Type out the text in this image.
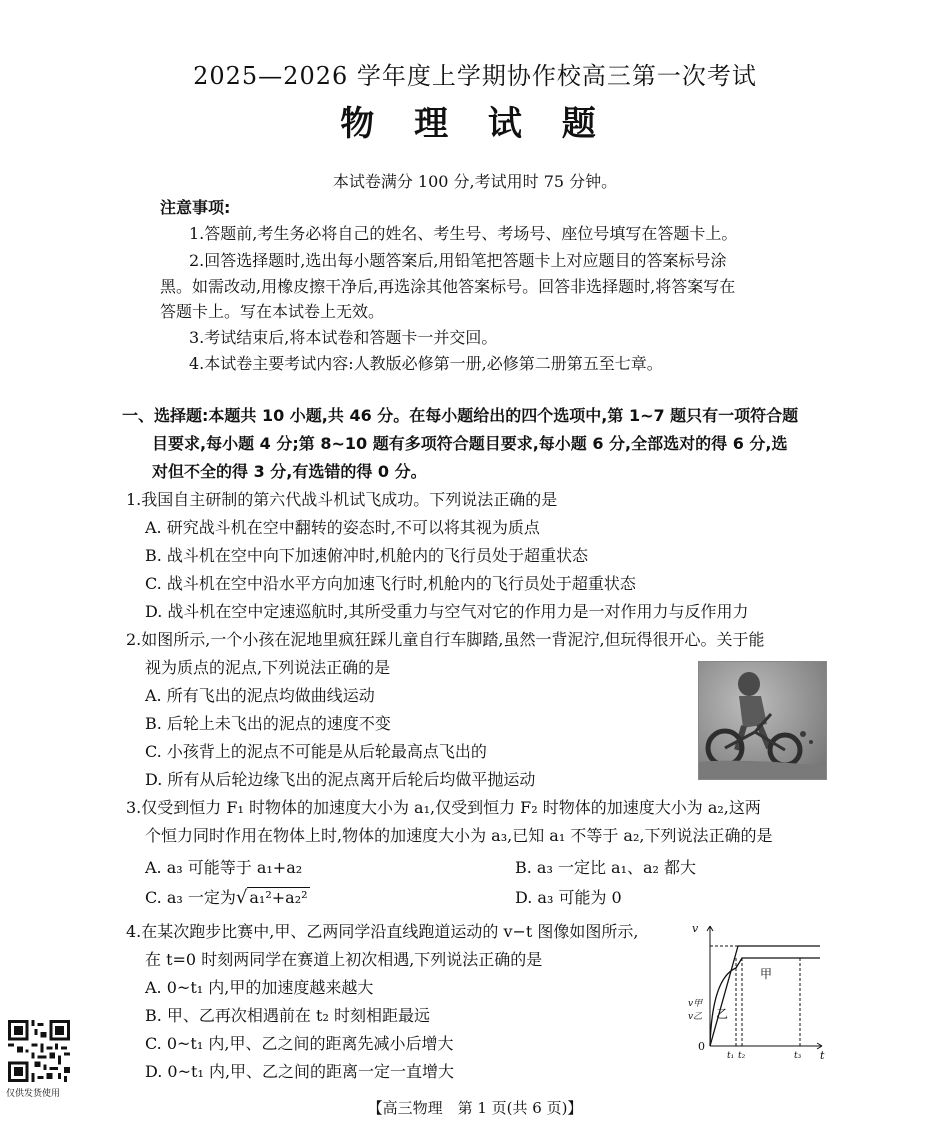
2025—2026 学年度上学期协作校高三第一次考试
物 理 试 题
本试卷满分 100 分,考试用时 75 分钟。
注意事项:
1.答题前,考生务必将自己的姓名、考生号、考场号、座位号填写在答题卡上。
2.回答选择题时,选出每小题答案后,用铅笔把答题卡上对应题目的答案标号涂
黑。如需改动,用橡皮擦干净后,再选涂其他答案标号。回答非选择题时,将答案写在
答题卡上。写在本试卷上无效。
3.考试结束后,将本试卷和答题卡一并交回。
4.本试卷主要考试内容:人教版必修第一册,必修第二册第五至七章。
一、选择题:本题共 10 小题,共 46 分。在每小题给出的四个选项中,第 1~7 题只有一项符合题
目要求,每小题 4 分;第 8~10 题有多项符合题目要求,每小题 6 分,全部选对的得 6 分,选
对但不全的得 3 分,有选错的得 0 分。
1.我国自主研制的第六代战斗机试飞成功。下列说法正确的是
A. 研究战斗机在空中翻转的姿态时,不可以将其视为质点
B. 战斗机在空中向下加速俯冲时,机舱内的飞行员处于超重状态
C. 战斗机在空中沿水平方向加速飞行时,机舱内的飞行员处于超重状态
D. 战斗机在空中定速巡航时,其所受重力与空气对它的作用力是一对作用力与反作用力
2.如图所示,一个小孩在泥地里疯狂踩儿童自行车脚踏,虽然一背泥泞,但玩得很开心。关于能
视为质点的泥点,下列说法正确的是
A. 所有飞出的泥点均做曲线运动
B. 后轮上未飞出的泥点的速度不变
C. 小孩背上的泥点不可能是从后轮最高点飞出的
D. 所有从后轮边缘飞出的泥点离开后轮后均做平抛运动
3.仅受到恒力 F₁ 时物体的加速度大小为 a₁,仅受到恒力 F₂ 时物体的加速度大小为 a₂,这两
个恒力同时作用在物体上时,物体的加速度大小为 a₃,已知 a₁ 不等于 a₂,下列说法正确的是
A. a₃ 可能等于 a₁+a₂	B. a₃ 一定比 a₁、a₂ 都大
C. a₃ 一定为√ a₁²+a₂²	D. a₃ 可能为 0
4.在某次跑步比赛中,甲、乙两同学沿直线跑道运动的 v−t 图像如图所示,
在 t=0 时刻两同学在赛道上初次相遇,下列说法正确的是
A. 0~t₁ 内,甲的加速度越来越大
B. 甲、乙再次相遇前在 t₂ 时刻相距最远
C. 0~t₁ 内,甲、乙之间的距离先减小后增大
D. 0~t₁ 内,甲、乙之间的距离一定一直增大
v
t
0
v甲
v乙
甲
乙
t₁ t₂	t₃
仅供发货使用
【高三物理　第 1 页(共 6 页)】
